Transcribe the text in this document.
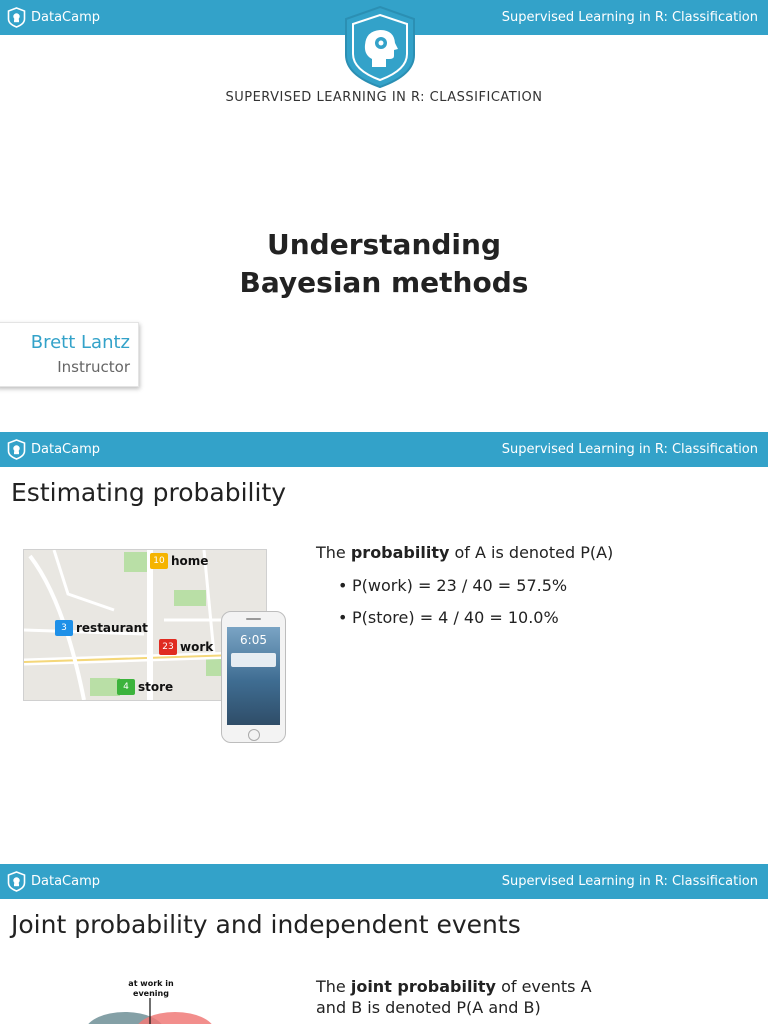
DataCamp	Supervised Learning in R: Classification
SUPERVISED LEARNING IN R: CLASSIFICATION
Understanding
Bayesian methods
Brett Lantz
Instructor
DataCamp	Supervised Learning in R: Classification
Estimating probability
10 home
3 restaurant
23 work
4 store
6:05
The probability of A is denoted P(A)
• P(work) = 23 / 40 = 57.5%
• P(store) = 4 / 40 = 10.0%
DataCamp	Supervised Learning in R: Classification
Joint probability and independent events
at work in evening	The joint probability of events A and B is denoted P(A and B)
